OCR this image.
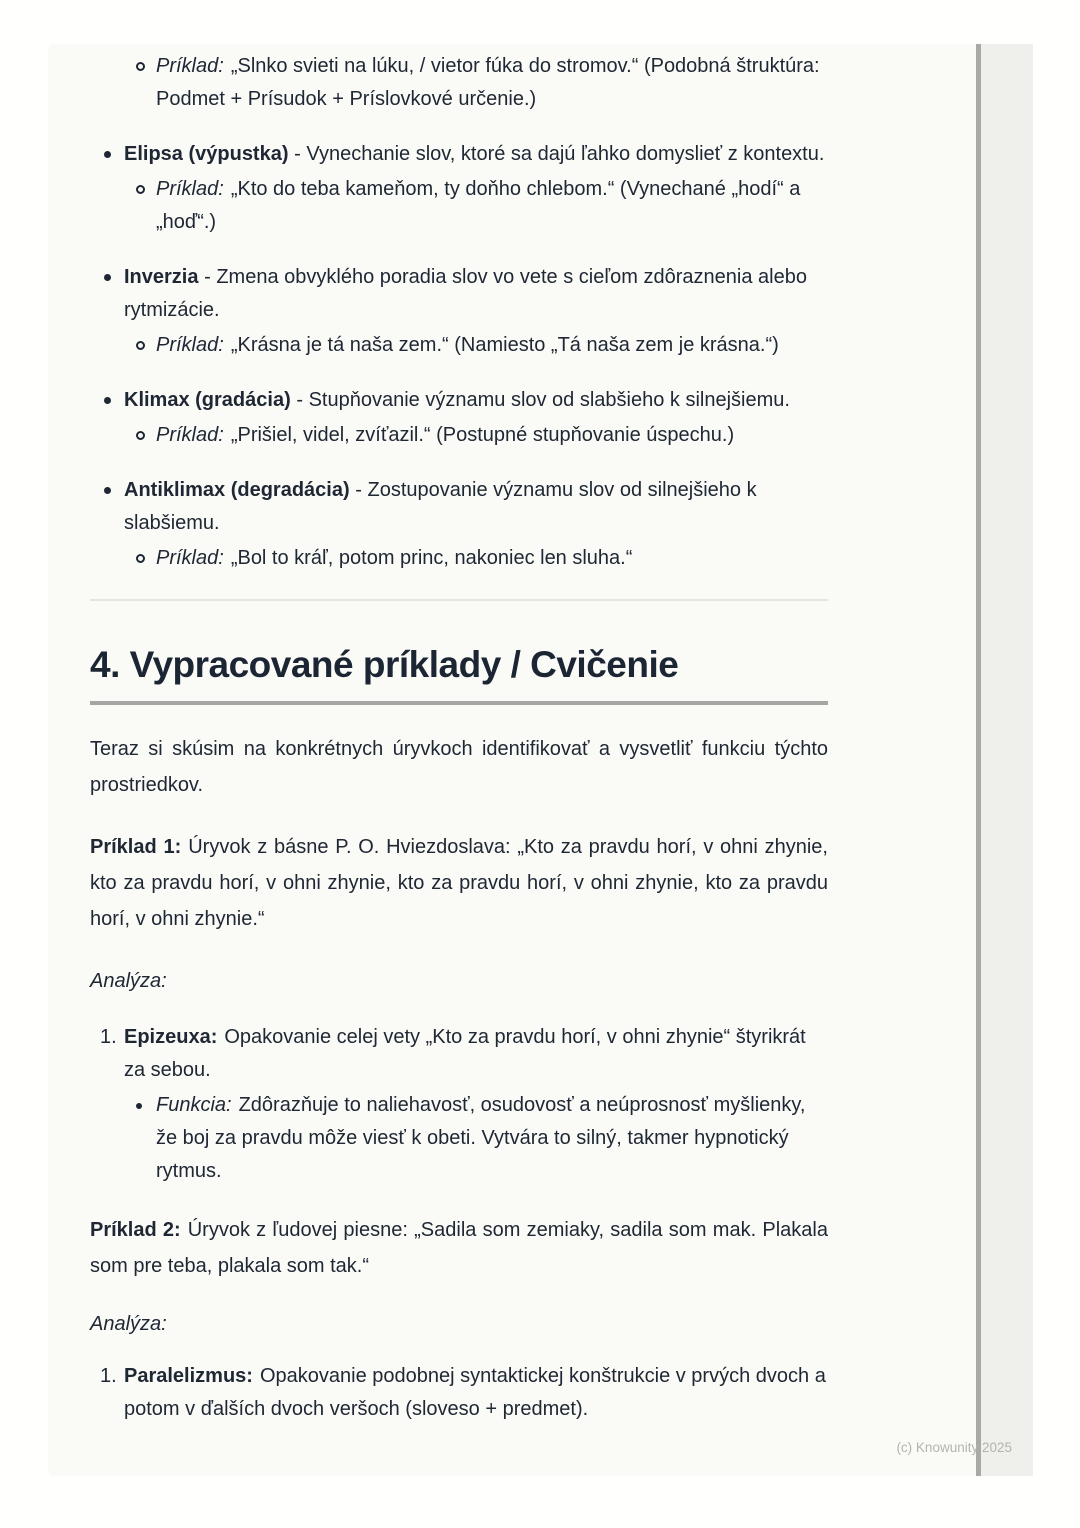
Príklad: „Slnko svieti na lúku, / vietor fúka do stromov.“ (Podobná štruktúra: Podmet + Prísudok + Príslovkové určenie.)
Elipsa (výpustka) - Vynechanie slov, ktoré sa dajú ľahko domyslieť z kontextu.
Príklad: „Kto do teba kameňom, ty doňho chlebom.“ (Vynechané „hodí“ a „hoď“.)
Inverzia - Zmena obvyklého poradia slov vo vete s cieľom zdôraznenia alebo rytmizácie.
Príklad: „Krásna je tá naša zem.“ (Namiesto „Tá naša zem je krásna.“)
Klimax (gradácia) - Stupňovanie významu slov od slabšieho k silnejšiemu.
Príklad: „Prišiel, videl, zvíťazil.“ (Postupné stupňovanie úspechu.)
Antiklimax (degradácia) - Zostupovanie významu slov od silnejšieho k slabšiemu.
Príklad: „Bol to kráľ, potom princ, nakoniec len sluha.“
4. Vypracované príklady / Cvičenie

Teraz si skúsim na konkrétnych úryvkoch identifikovať a vysvetliť funkciu týchto prostriedkov.

Príklad 1: Úryvok z básne P. O. Hviezdoslava: „Kto za pravdu horí, v ohni zhynie, kto za pravdu horí, v ohni zhynie, kto za pravdu horí, v ohni zhynie, kto za pravdu horí, v ohni zhynie.“

Analýza:

1. Epizeuxa: Opakovanie celej vety „Kto za pravdu horí, v ohni zhynie“ štyrikrát za sebou.
Funkcia: Zdôrazňuje to naliehavosť, osudovosť a neúprosnosť myšlienky, že boj za pravdu môže viesť k obeti. Vytvára to silný, takmer hypnotický rytmus.

Príklad 2: Úryvok z ľudovej piesne: „Sadila som zemiaky, sadila som mak. Plakala som pre teba, plakala som tak.“

Analýza:

1. Paralelizmus: Opakovanie podobnej syntaktickej konštrukcie v prvých dvoch a potom v ďalších dvoch veršoch (sloveso + predmet).
(c) Knowunity 2025
